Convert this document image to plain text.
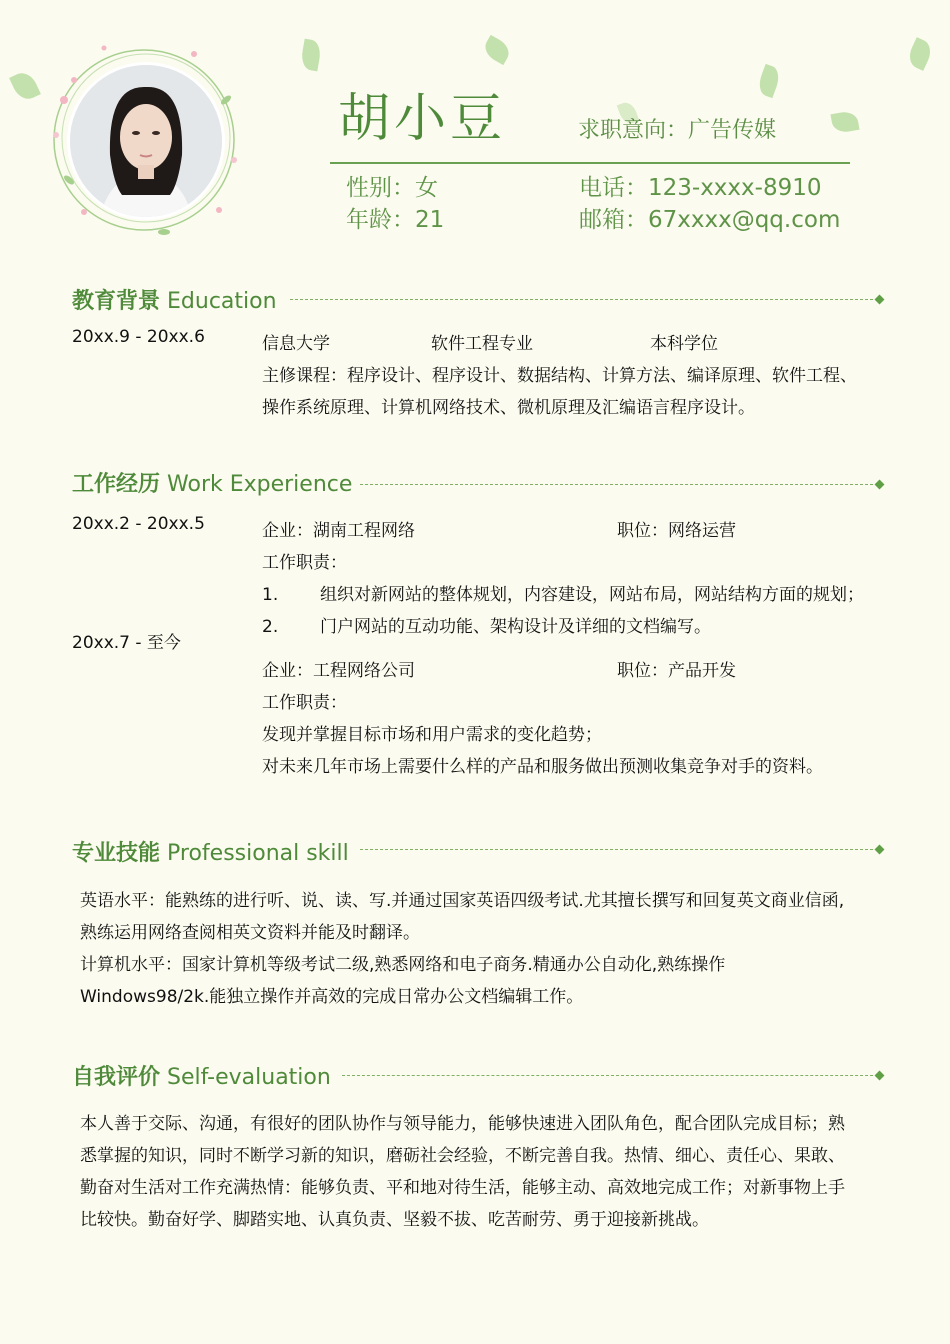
胡小豆	求职意向：广告传媒
性别：女
年龄：21
电话：123-xxxx-8910
邮箱：67xxxx@qq.com
教育背景 Education
20xx.9 - 20xx.6	信息大学	软件工程专业	本科学位
主修课程：程序设计、程序设计、数据结构、计算方法、编译原理、软件工程、
操作系统原理、计算机网络技术、微机原理及汇编语言程序设计。
工作经历 Work Experience
20xx.2 - 20xx.5	企业：湖南工程网络	职位：网络运营
工作职责：
1. 组织对新网站的整体规划，内容建设，网站布局，网站结构方面的规划；
2. 门户网站的互动功能、架构设计及详细的文档编写。
20xx.7 - 至今
企业：工程网络公司	职位：产品开发
工作职责：
发现并掌握目标市场和用户需求的变化趋势；
对未来几年市场上需要什么样的产品和服务做出预测收集竞争对手的资料。
专业技能 Professional skill
英语水平：能熟练的进行听、说、读、写.并通过国家英语四级考试.尤其擅长撰写和回复英文商业信函,
熟练运用网络查阅相英文资料并能及时翻译。
计算机水平：国家计算机等级考试二级,熟悉网络和电子商务.精通办公自动化,熟练操作
Windows98/2k.能独立操作并高效的完成日常办公文档编辑工作。
自我评价 Self-evaluation
本人善于交际、沟通，有很好的团队协作与领导能力，能够快速进入团队角色，配合团队完成目标；熟
悉掌握的知识，同时不断学习新的知识，磨砺社会经验，不断完善自我。热情、细心、责任心、果敢、
勤奋对生活对工作充满热情：能够负责、平和地对待生活，能够主动、高效地完成工作；对新事物上手
比较快。勤奋好学、脚踏实地、认真负责、坚毅不拔、吃苦耐劳、勇于迎接新挑战。
